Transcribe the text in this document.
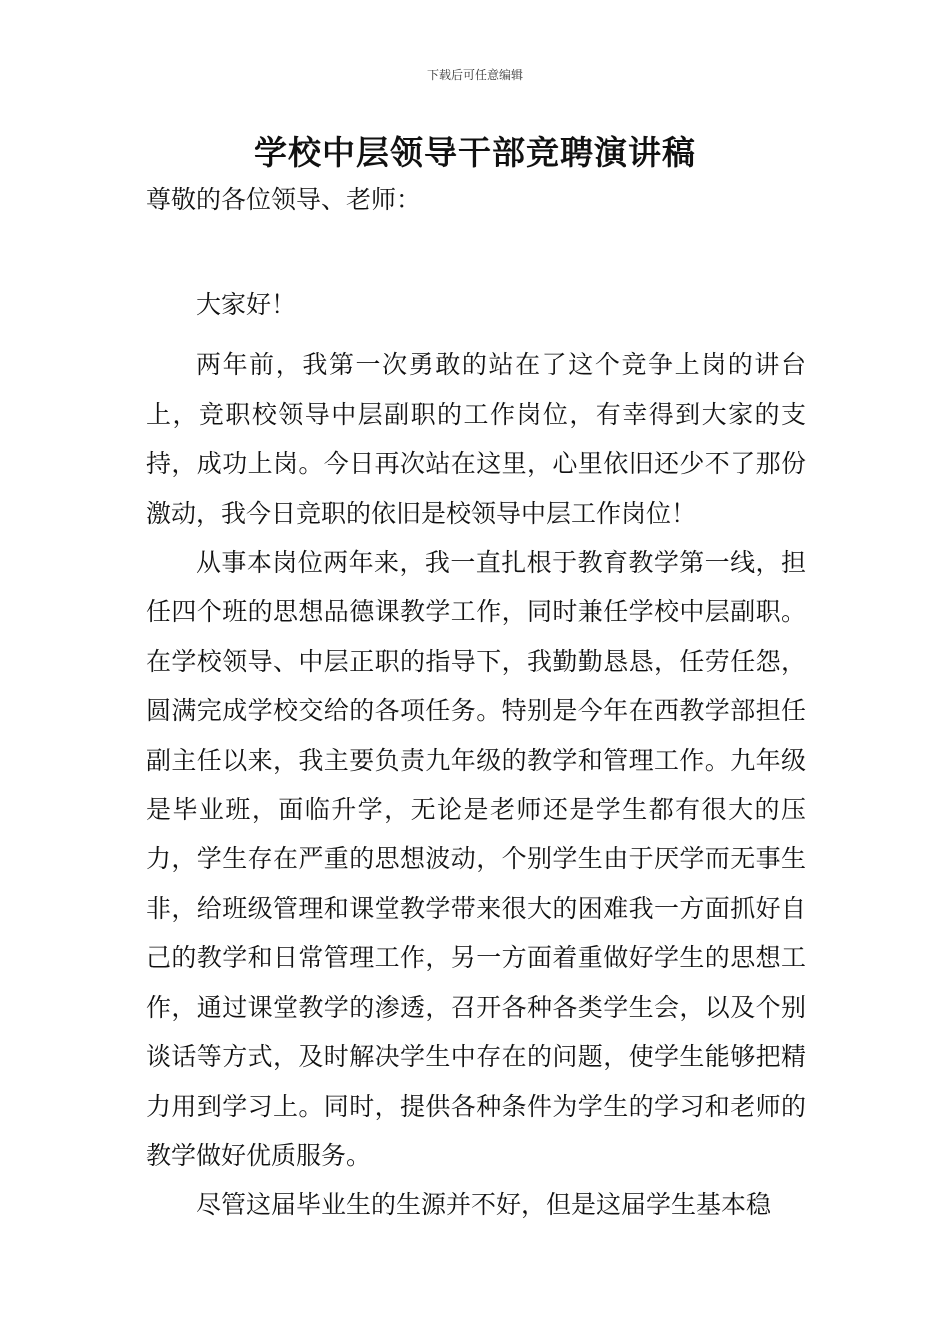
下载后可任意编辑
学校中层领导干部竞聘演讲稿
尊敬的各位领导、老师：

大家好！

两年前，我第一次勇敢的站在了这个竞争上岗的讲台上，竞职校领导中层副职的工作岗位，有幸得到大家的支持，成功上岗。今日再次站在这里，心里依旧还少不了那份激动，我今日竞职的依旧是校领导中层工作岗位！

从事本岗位两年来，我一直扎根于教育教学第一线，担任四个班的思想品德课教学工作，同时兼任学校中层副职。在学校领导、中层正职的指导下，我勤勤恳恳，任劳任怨，圆满完成学校交给的各项任务。特别是今年在西教学部担任副主任以来，我主要负责九年级的教学和管理工作。九年级是毕业班，面临升学，无论是老师还是学生都有很大的压力，学生存在严重的思想波动，个别学生由于厌学而无事生非，给班级管理和课堂教学带来很大的困难我一方面抓好自己的教学和日常管理工作，另一方面着重做好学生的思想工作，通过课堂教学的渗透，召开各种各类学生会，以及个别谈话等方式，及时解决学生中存在的问题，使学生能够把精力用到学习上。同时，提供各种条件为学生的学习和老师的教学做好优质服务。

尽管这届毕业生的生源并不好，但是这届学生基本稳
